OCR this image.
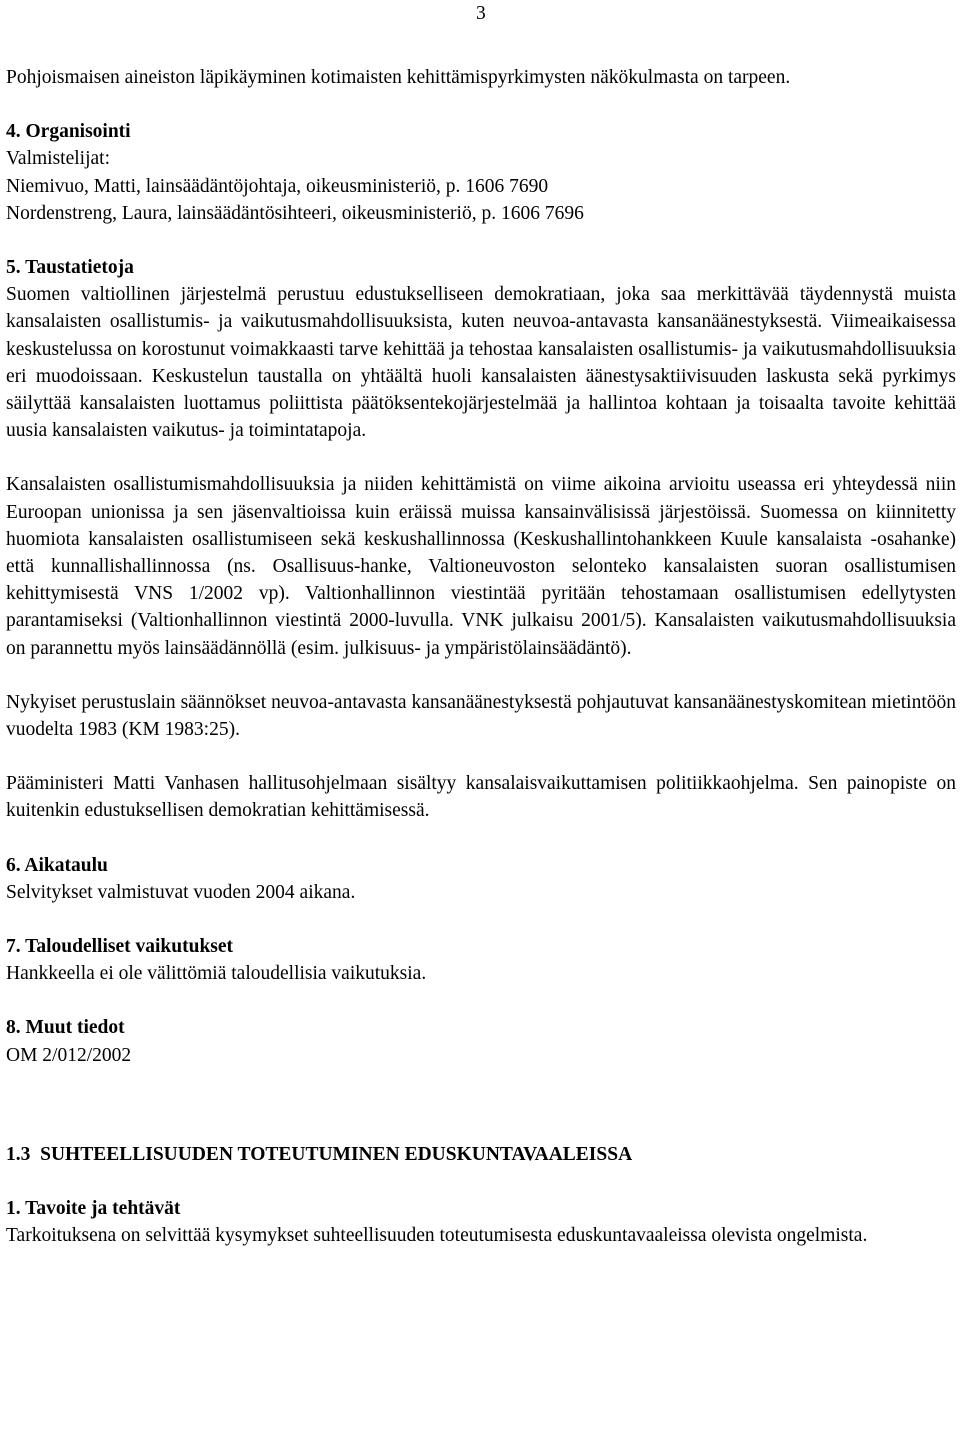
3

Pohjoismaisen aineiston läpikäyminen kotimaisten kehittämispyrkimysten näkökulmasta on tarpeen.

4. Organisointi
Valmistelijat:
Niemivuo, Matti, lainsäädäntöjohtaja, oikeusministeriö, p. 1606 7690
Nordenstreng, Laura, lainsäädäntösihteeri, oikeusministeriö, p. 1606 7696
5. Taustatietoja

Suomen valtiollinen järjestelmä perustuu edustukselliseen demokratiaan, joka saa merkittävää täydennystä muista kansalaisten osallistumis- ja vaikutusmahdollisuuksista, kuten neuvoa-antavasta kansanäänestyksestä. Viimeaikaisessa keskustelussa on korostunut voimakkaasti tarve kehittää ja tehostaa kansalaisten osallistumis- ja vaikutusmahdollisuuksia eri muodoissaan. Keskustelun taustalla on yhtäältä huoli kansalaisten äänestysaktiivisuuden laskusta sekä pyrkimys säilyttää kansalaisten luottamus poliittista päätöksentekojärjestelmää ja hallintoa kohtaan ja toisaalta tavoite kehittää uusia kansalaisten vaikutus- ja toimintatapoja.

Kansalaisten osallistumismahdollisuuksia ja niiden kehittämistä on viime aikoina arvioitu useassa eri yhteydessä niin Euroopan unionissa ja sen jäsenvaltioissa kuin eräissä muissa kansainvälisissä järjestöissä. Suomessa on kiinnitetty huomiota kansalaisten osallistumiseen sekä keskushallinnossa (Keskushallintohankkeen Kuule kansalaista -osahanke) että kunnallishallinnossa (ns. Osallisuus-hanke, Valtioneuvoston selonteko kansalaisten suoran osallistumisen kehittymisestä VNS 1/2002 vp). Valtionhallinnon viestintää pyritään tehostamaan osallistumisen edellytysten parantamiseksi (Valtionhallinnon viestintä 2000-luvulla. VNK julkaisu 2001/5). Kansalaisten vaikutusmahdollisuuksia on parannettu myös lainsäädännöllä (esim. julkisuus- ja ympäristölainsäädäntö).

Nykyiset perustuslain säännökset neuvoa-antavasta kansanäänestyksestä pohjautuvat kansanäänestyskomitean mietintöön vuodelta 1983 (KM 1983:25).

Pääministeri Matti Vanhasen hallitusohjelmaan sisältyy kansalaisvaikuttamisen politiikkaohjelma. Sen painopiste on kuitenkin edustuksellisen demokratian kehittämisessä.

6. Aikataulu
Selvitykset valmistuvat vuoden 2004 aikana.
7. Taloudelliset vaikutukset
Hankkeella ei ole välittömiä taloudellisia vaikutuksia.
8. Muut tiedot
OM 2/012/2002
1.3  SUHTEELLISUUDEN TOTEUTUMINEN EDUSKUNTAVAALEISSA
1. Tavoite ja tehtävät

Tarkoituksena on selvittää kysymykset suhteellisuuden toteutumisesta eduskuntavaaleissa olevista ongelmista.
